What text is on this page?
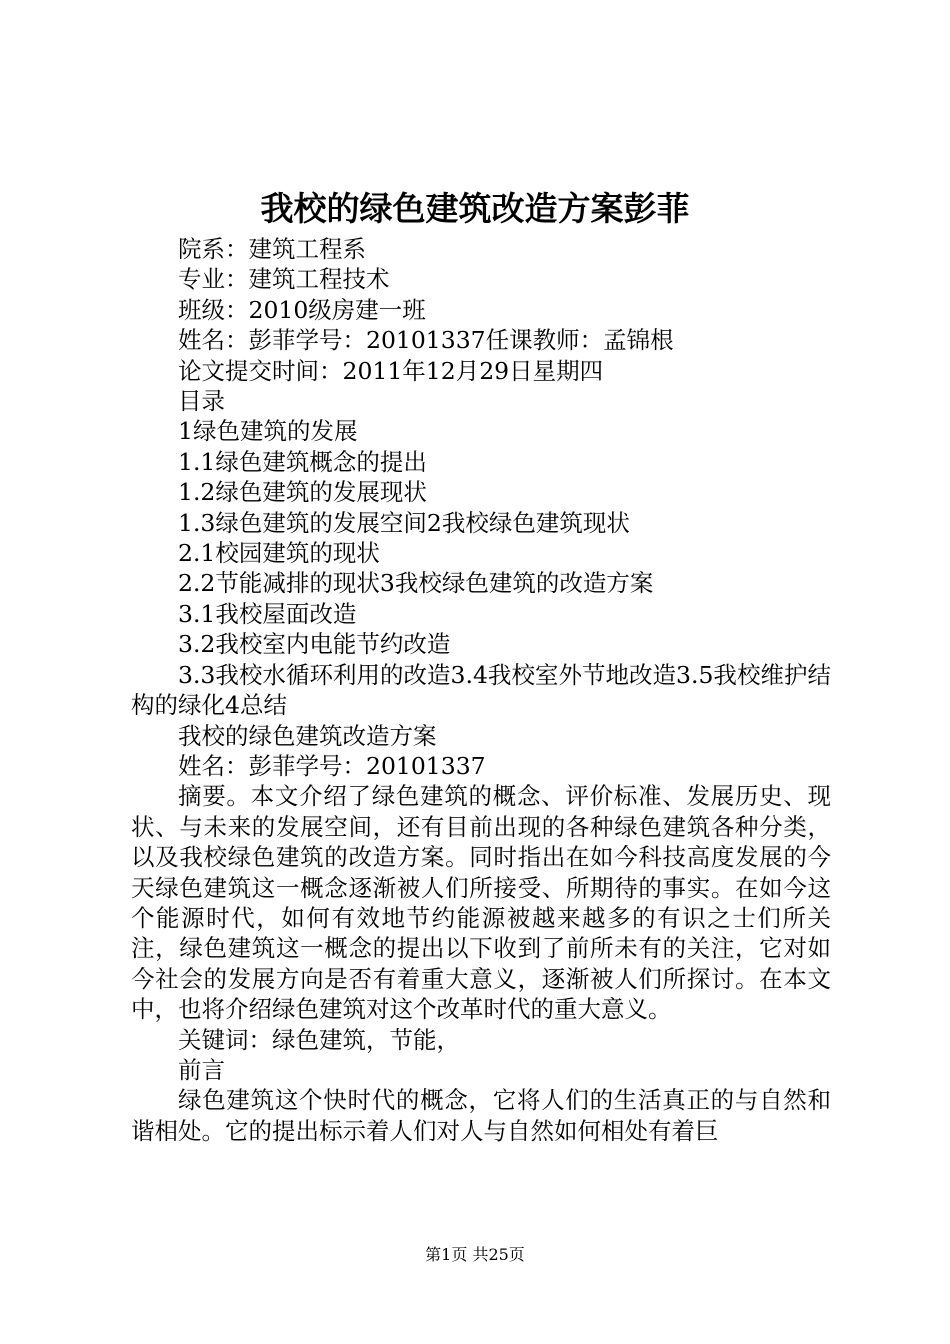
我校的绿色建筑改造方案彭菲
院系：建筑工程系
专业：建筑工程技术
班级：2010级房建一班
姓名：彭菲学号：20101337任课教师：孟锦根
论文提交时间：2011年12月29日星期四
目录
1绿色建筑的发展
1.1绿色建筑概念的提出
1.2绿色建筑的发展现状
1.3绿色建筑的发展空间2我校绿色建筑现状
2.1校园建筑的现状
2.2节能减排的现状3我校绿色建筑的改造方案
3.1我校屋面改造
3.2我校室内电能节约改造
3.3我校水循环利用的改造3.4我校室外节地改造3.5我校维护结构的绿化4总结
我校的绿色建筑改造方案
姓名：彭菲学号：20101337
摘要。本文介绍了绿色建筑的概念、评价标准、发展历史、现状、与未来的发展空间，还有目前出现的各种绿色建筑各种分类，以及我校绿色建筑的改造方案。同时指出在如今科技高度发展的今天绿色建筑这一概念逐渐被人们所接受、所期待的事实。在如今这个能源时代，如何有效地节约能源被越来越多的有识之士们所关注，绿色建筑这一概念的提出以下收到了前所未有的关注，它对如今社会的发展方向是否有着重大意义，逐渐被人们所探讨。在本文中，也将介绍绿色建筑对这个改革时代的重大意义。
关键词：绿色建筑，节能，
前言
绿色建筑这个快时代的概念，它将人们的生活真正的与自然和谐相处。它的提出标示着人们对人与自然如何相处有着巨
第1页 共25页
